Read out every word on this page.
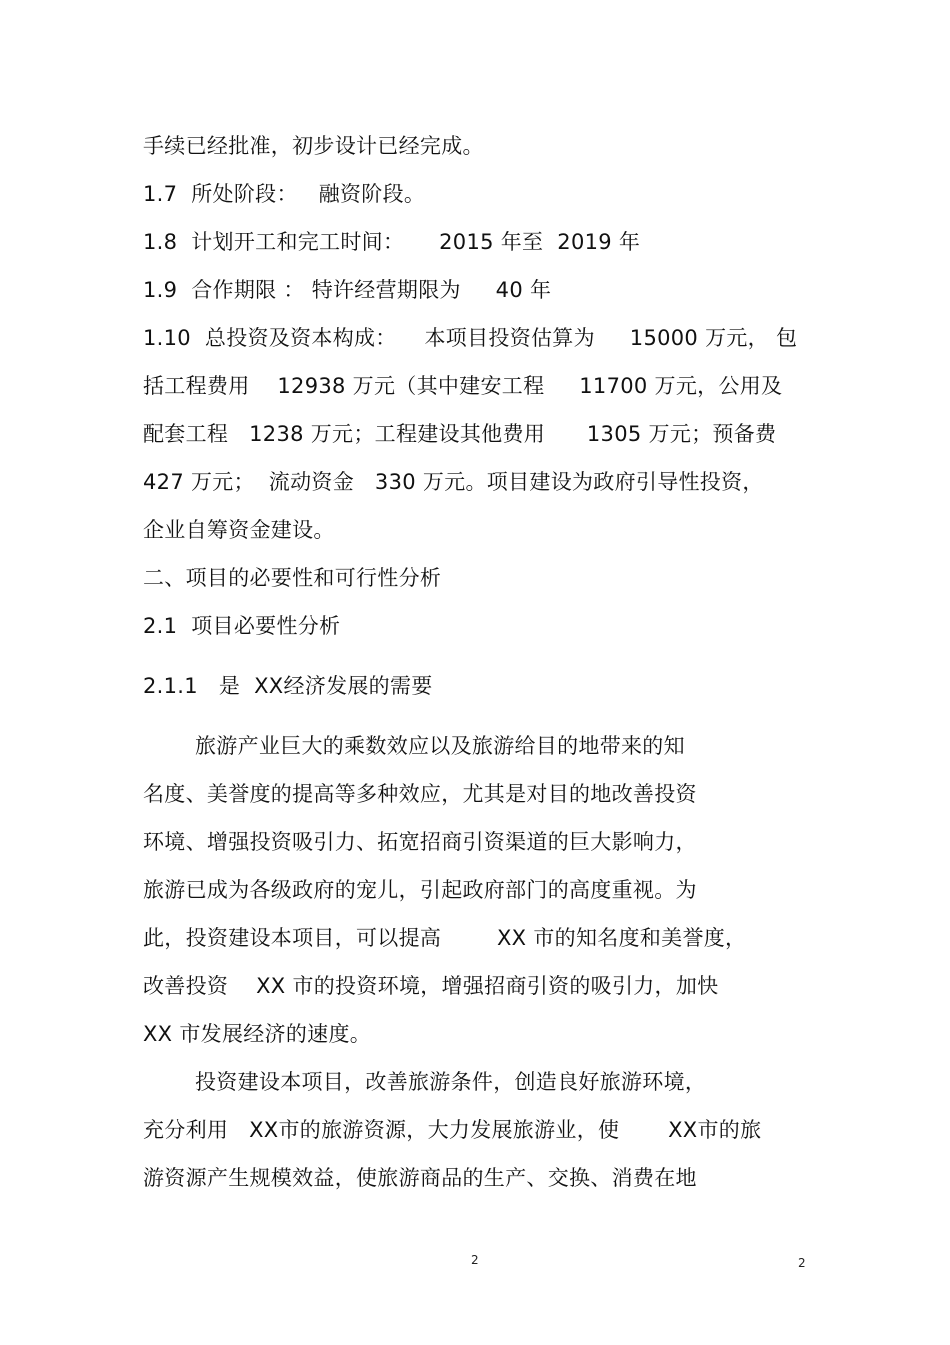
手续已经批准，初步设计已经完成。
1.7  所处阶段：   融资阶段。
1.8  计划开工和完工时间：     2015 年至  2019 年
1.9  合作期限 ： 特许经营期限为     40 年
1.10  总投资及资本构成：    本项目投资估算为     15000 万元， 包
括工程费用    12938 万元（其中建安工程     11700 万元，公用及
配套工程   1238 万元；工程建设其他费用      1305 万元；预备费
427 万元；  流动资金   330 万元。项目建设为政府引导性投资，
企业自筹资金建设。
二、项目的必要性和可行性分析
2.1  项目必要性分析
2.1.1   是  XX经济发展的需要
旅游产业巨大的乘数效应以及旅游给目的地带来的知
名度、美誉度的提高等多种效应，尤其是对目的地改善投资
环境、增强投资吸引力、拓宽招商引资渠道的巨大影响力，
旅游已成为各级政府的宠儿，引起政府部门的高度重视。为
此，投资建设本项目，可以提高        XX 市的知名度和美誉度，
改善投资    XX 市的投资环境，增强招商引资的吸引力，加快
XX 市发展经济的速度。
投资建设本项目，改善旅游条件，创造良好旅游环境，
充分利用   XX市的旅游资源，大力发展旅游业，使       XX市的旅
游资源产生规模效益，使旅游商品的生产、交换、消费在地
2	2
